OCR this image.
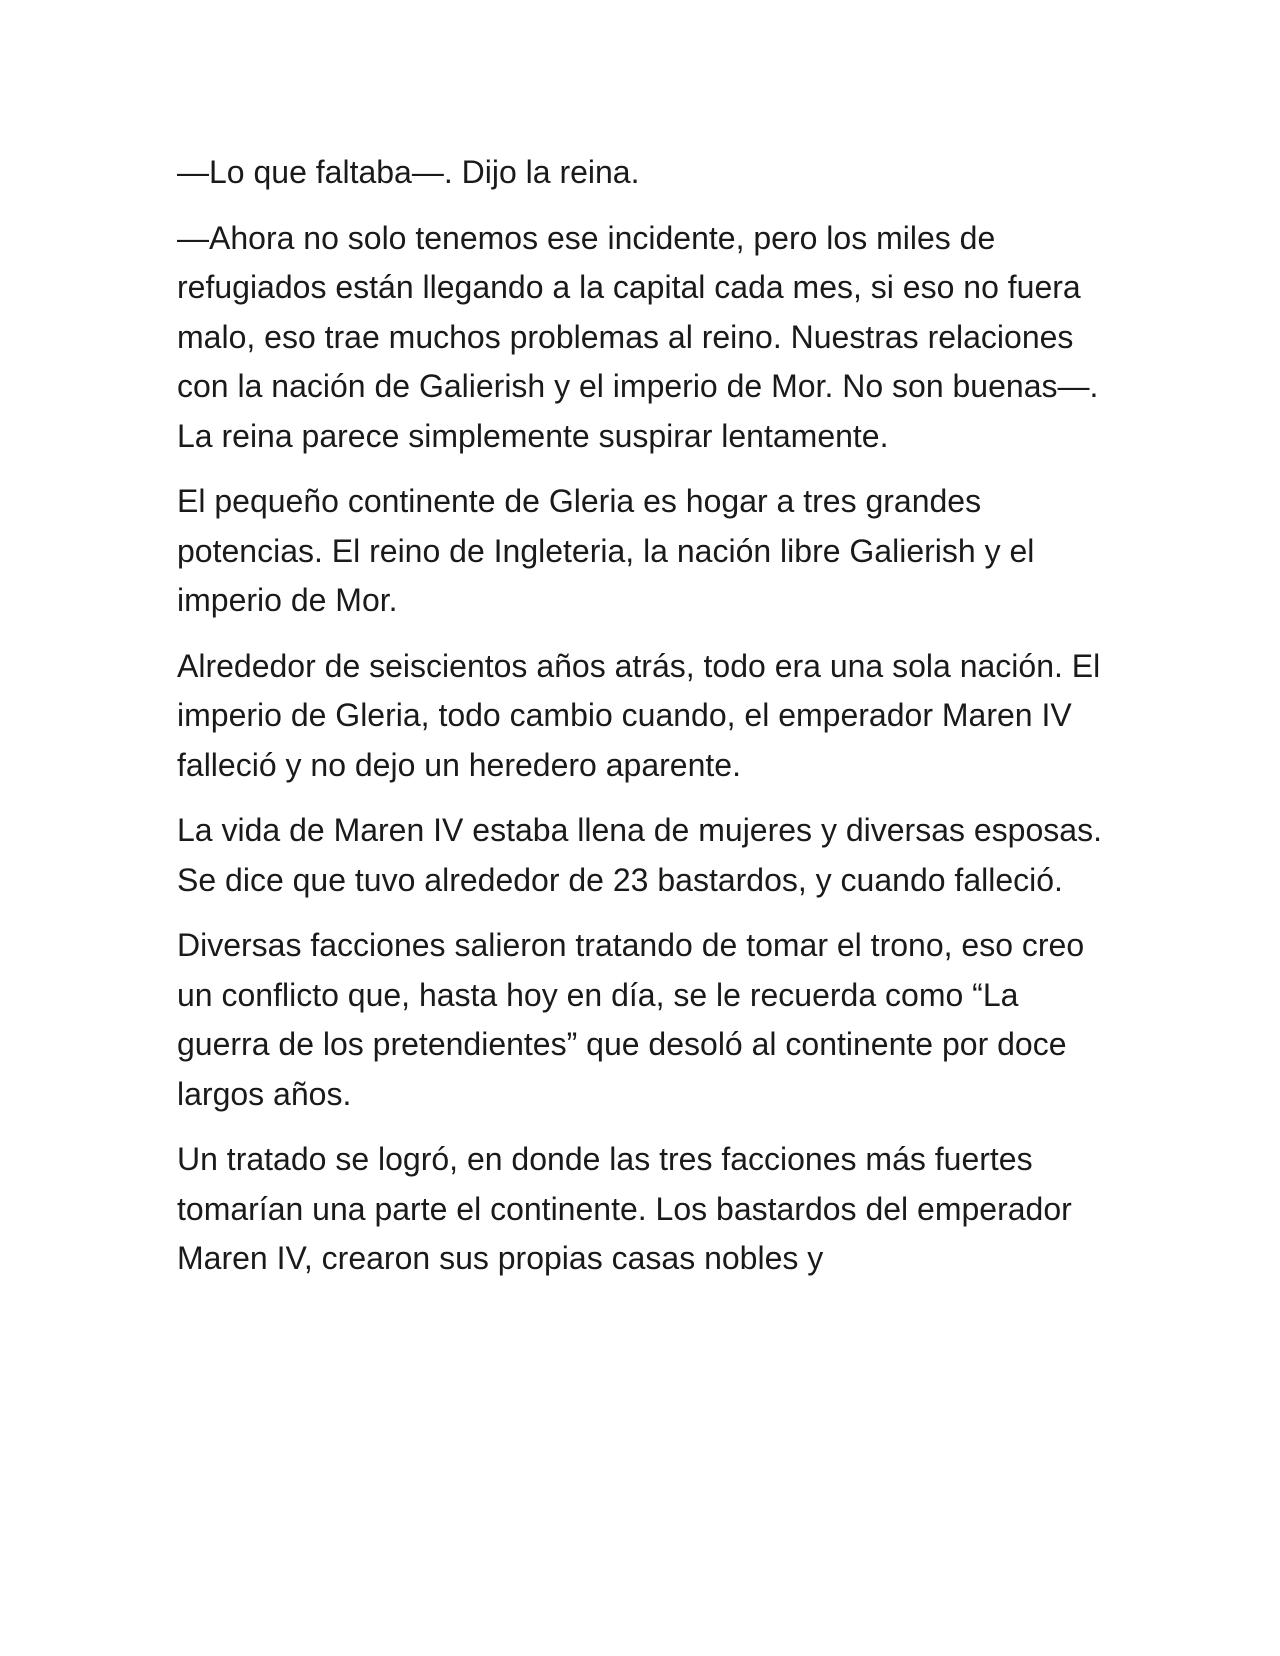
—Lo que faltaba—. Dijo la reina.

—Ahora no solo tenemos ese incidente, pero los miles de refugiados están llegando a la capital cada mes, si eso no fuera malo, eso trae muchos problemas al reino. Nuestras relaciones con la nación de Galierish y el imperio de Mor. No son buenas—. La reina parece simplemente suspirar lentamente.

El pequeño continente de Gleria es hogar a tres grandes potencias. El reino de Ingleteria, la nación libre Galierish y el imperio de Mor.

Alrededor de seiscientos años atrás, todo era una sola nación. El imperio de Gleria, todo cambio cuando, el emperador Maren IV falleció y no dejo un heredero aparente.

La vida de Maren IV estaba llena de mujeres y diversas esposas. Se dice que tuvo alrededor de 23 bastardos, y cuando falleció.

Diversas facciones salieron tratando de tomar el trono, eso creo un conflicto que, hasta hoy en día, se le recuerda como “La guerra de los pretendientes” que desoló al continente por doce largos años.

Un tratado se logró, en donde las tres facciones más fuertes tomarían una parte el continente. Los bastardos del emperador Maren IV, crearon sus propias casas nobles y
